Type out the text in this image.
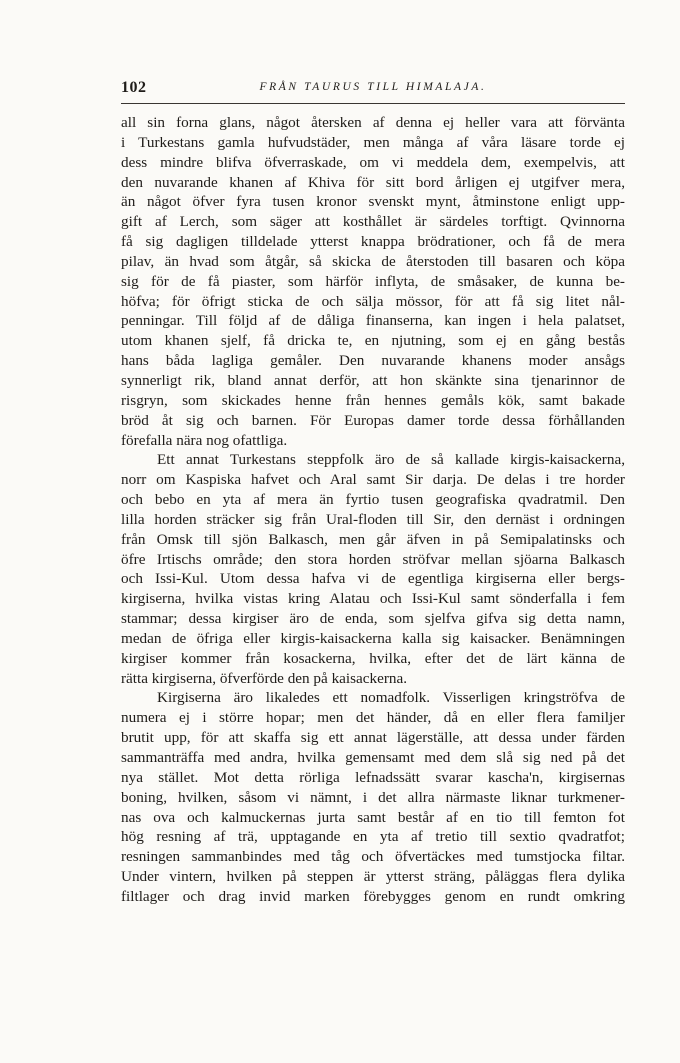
102	FRÅN TAURUS TILL HIMALAJA.
all sin forna glans, något återsken af denna ej heller vara att förvänta
i Turkestans gamla hufvudstäder, men många af våra läsare torde ej
dess mindre blifva öfverraskade, om vi meddela dem, exempelvis, att
den nuvarande khanen af Khiva för sitt bord årligen ej utgifver mera,
än något öfver fyra tusen kronor svenskt mynt, åtminstone enligt upp-
gift af Lerch, som säger att kosthållet är särdeles torftigt. Qvinnorna
få sig dagligen tilldelade ytterst knappa brödrationer, och få de mera
pilav, än hvad som åtgår, så skicka de återstoden till basaren och köpa
sig för de få piaster, som härför inflyta, de småsaker, de kunna be-
höfva; för öfrigt sticka de och sälja mössor, för att få sig litet nål-
penningar. Till följd af de dåliga finanserna, kan ingen i hela palatset,
utom khanen sjelf, få dricka te, en njutning, som ej en gång bestås
hans båda lagliga gemåler. Den nuvarande khanens moder ansågs
synnerligt rik, bland annat derför, att hon skänkte sina tjenarinnor de
risgryn, som skickades henne från hennes gemåls kök, samt bakade
bröd åt sig och barnen. För Europas damer torde dessa förhållanden
förefalla nära nog ofattliga.
Ett annat Turkestans steppfolk äro de så kallade kirgis-kaisackerna,
norr om Kaspiska hafvet och Aral samt Sir darja. De delas i tre horder
och bebo en yta af mera än fyrtio tusen geografiska qvadratmil. Den
lilla horden sträcker sig från Ural-floden till Sir, den dernäst i ordningen
från Omsk till sjön Balkasch, men går äfven in på Semipalatinsks och
öfre Irtischs område; den stora horden ströfvar mellan sjöarna Balkasch
och Issi-Kul. Utom dessa hafva vi de egentliga kirgiserna eller bergs-
kirgiserna, hvilka vistas kring Alatau och Issi-Kul samt sönderfalla i fem
stammar; dessa kirgiser äro de enda, som sjelfva gifva sig detta namn,
medan de öfriga eller kirgis-kaisackerna kalla sig kaisacker. Benämningen
kirgiser kommer från kosackerna, hvilka, efter det de lärt känna de
rätta kirgiserna, öfverförde den på kaisackerna.
Kirgiserna äro likaledes ett nomadfolk. Visserligen kringströfva de
numera ej i större hopar; men det händer, då en eller flera familjer
brutit upp, för att skaffa sig ett annat lägerställe, att dessa under färden
sammanträffa med andra, hvilka gemensamt med dem slå sig ned på det
nya stället. Mot detta rörliga lefnadssätt svarar kascha'n, kirgisernas
boning, hvilken, såsom vi nämnt, i det allra närmaste liknar turkmener-
nas ova och kalmuckernas jurta samt består af en tio till femton fot
hög resning af trä, upptagande en yta af tretio till sextio qvadratfot;
resningen sammanbindes med tåg och öfvertäckes med tumstjocka filtar.
Under vintern, hvilken på steppen är ytterst sträng, påläggas flera dylika
filtlager och drag invid marken förebygges genom en rundt omkring
